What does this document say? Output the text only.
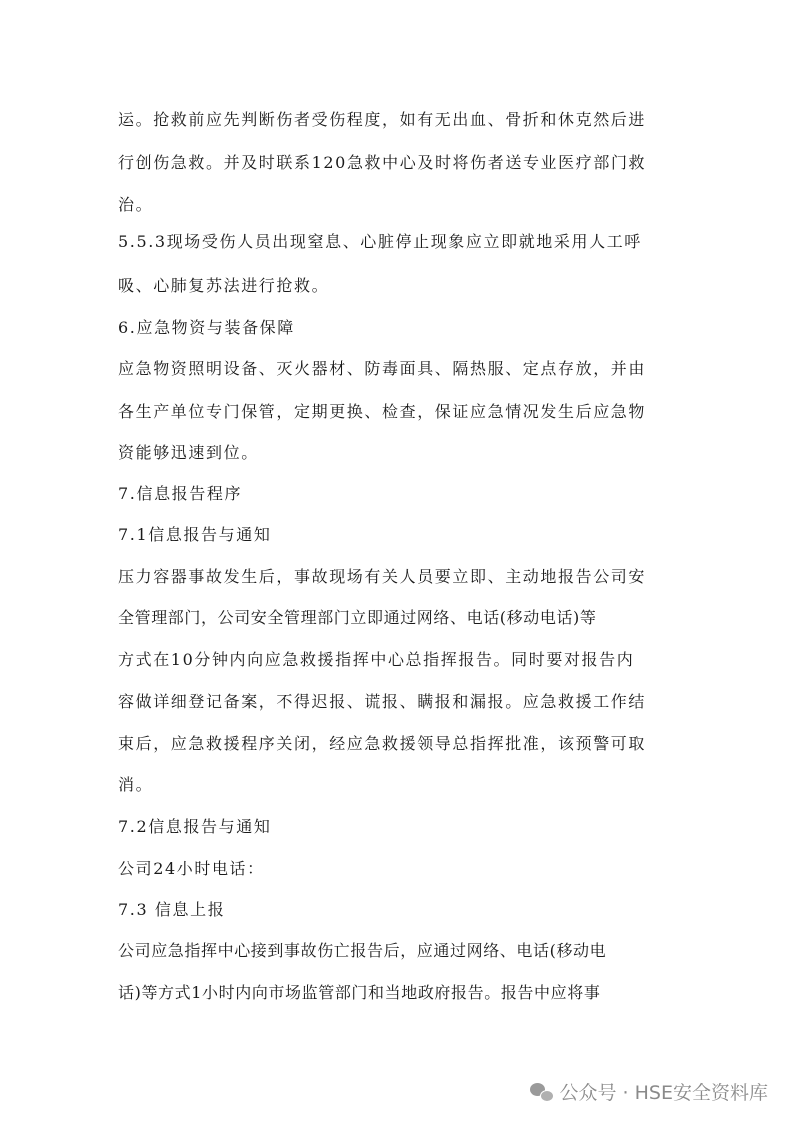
运。抢救前应先判断伤者受伤程度，如有无出血、骨折和休克然后进
行创伤急救。并及时联系120急救中心及时将伤者送专业医疗部门救
治。
5.5.3现场受伤人员出现窒息、心脏停止现象应立即就地采用人工呼
吸、心肺复苏法进行抢救。
6.应急物资与装备保障
应急物资照明设备、灭火器材、防毒面具、隔热服、定点存放，并由
各生产单位专门保管，定期更换、检查，保证应急情况发生后应急物
资能够迅速到位。
7.信息报告程序
7.1信息报告与通知
压力容器事故发生后，事故现场有关人员要立即、主动地报告公司安
全管理部门，公司安全管理部门立即通过网络、电话(移动电话)等
方式在10分钟内向应急救援指挥中心总指挥报告。同时要对报告内
容做详细登记备案，不得迟报、谎报、瞒报和漏报。应急救援工作结
束后，应急救援程序关闭，经应急救援领导总指挥批准，该预警可取
消。
7.2信息报告与通知
公司24小时电话：
7.3 信息上报
公司应急指挥中心接到事故伤亡报告后，应通过网络、电话(移动电
话)等方式1小时内向市场监管部门和当地政府报告。报告中应将事
公众号 · HSE安全资料库
